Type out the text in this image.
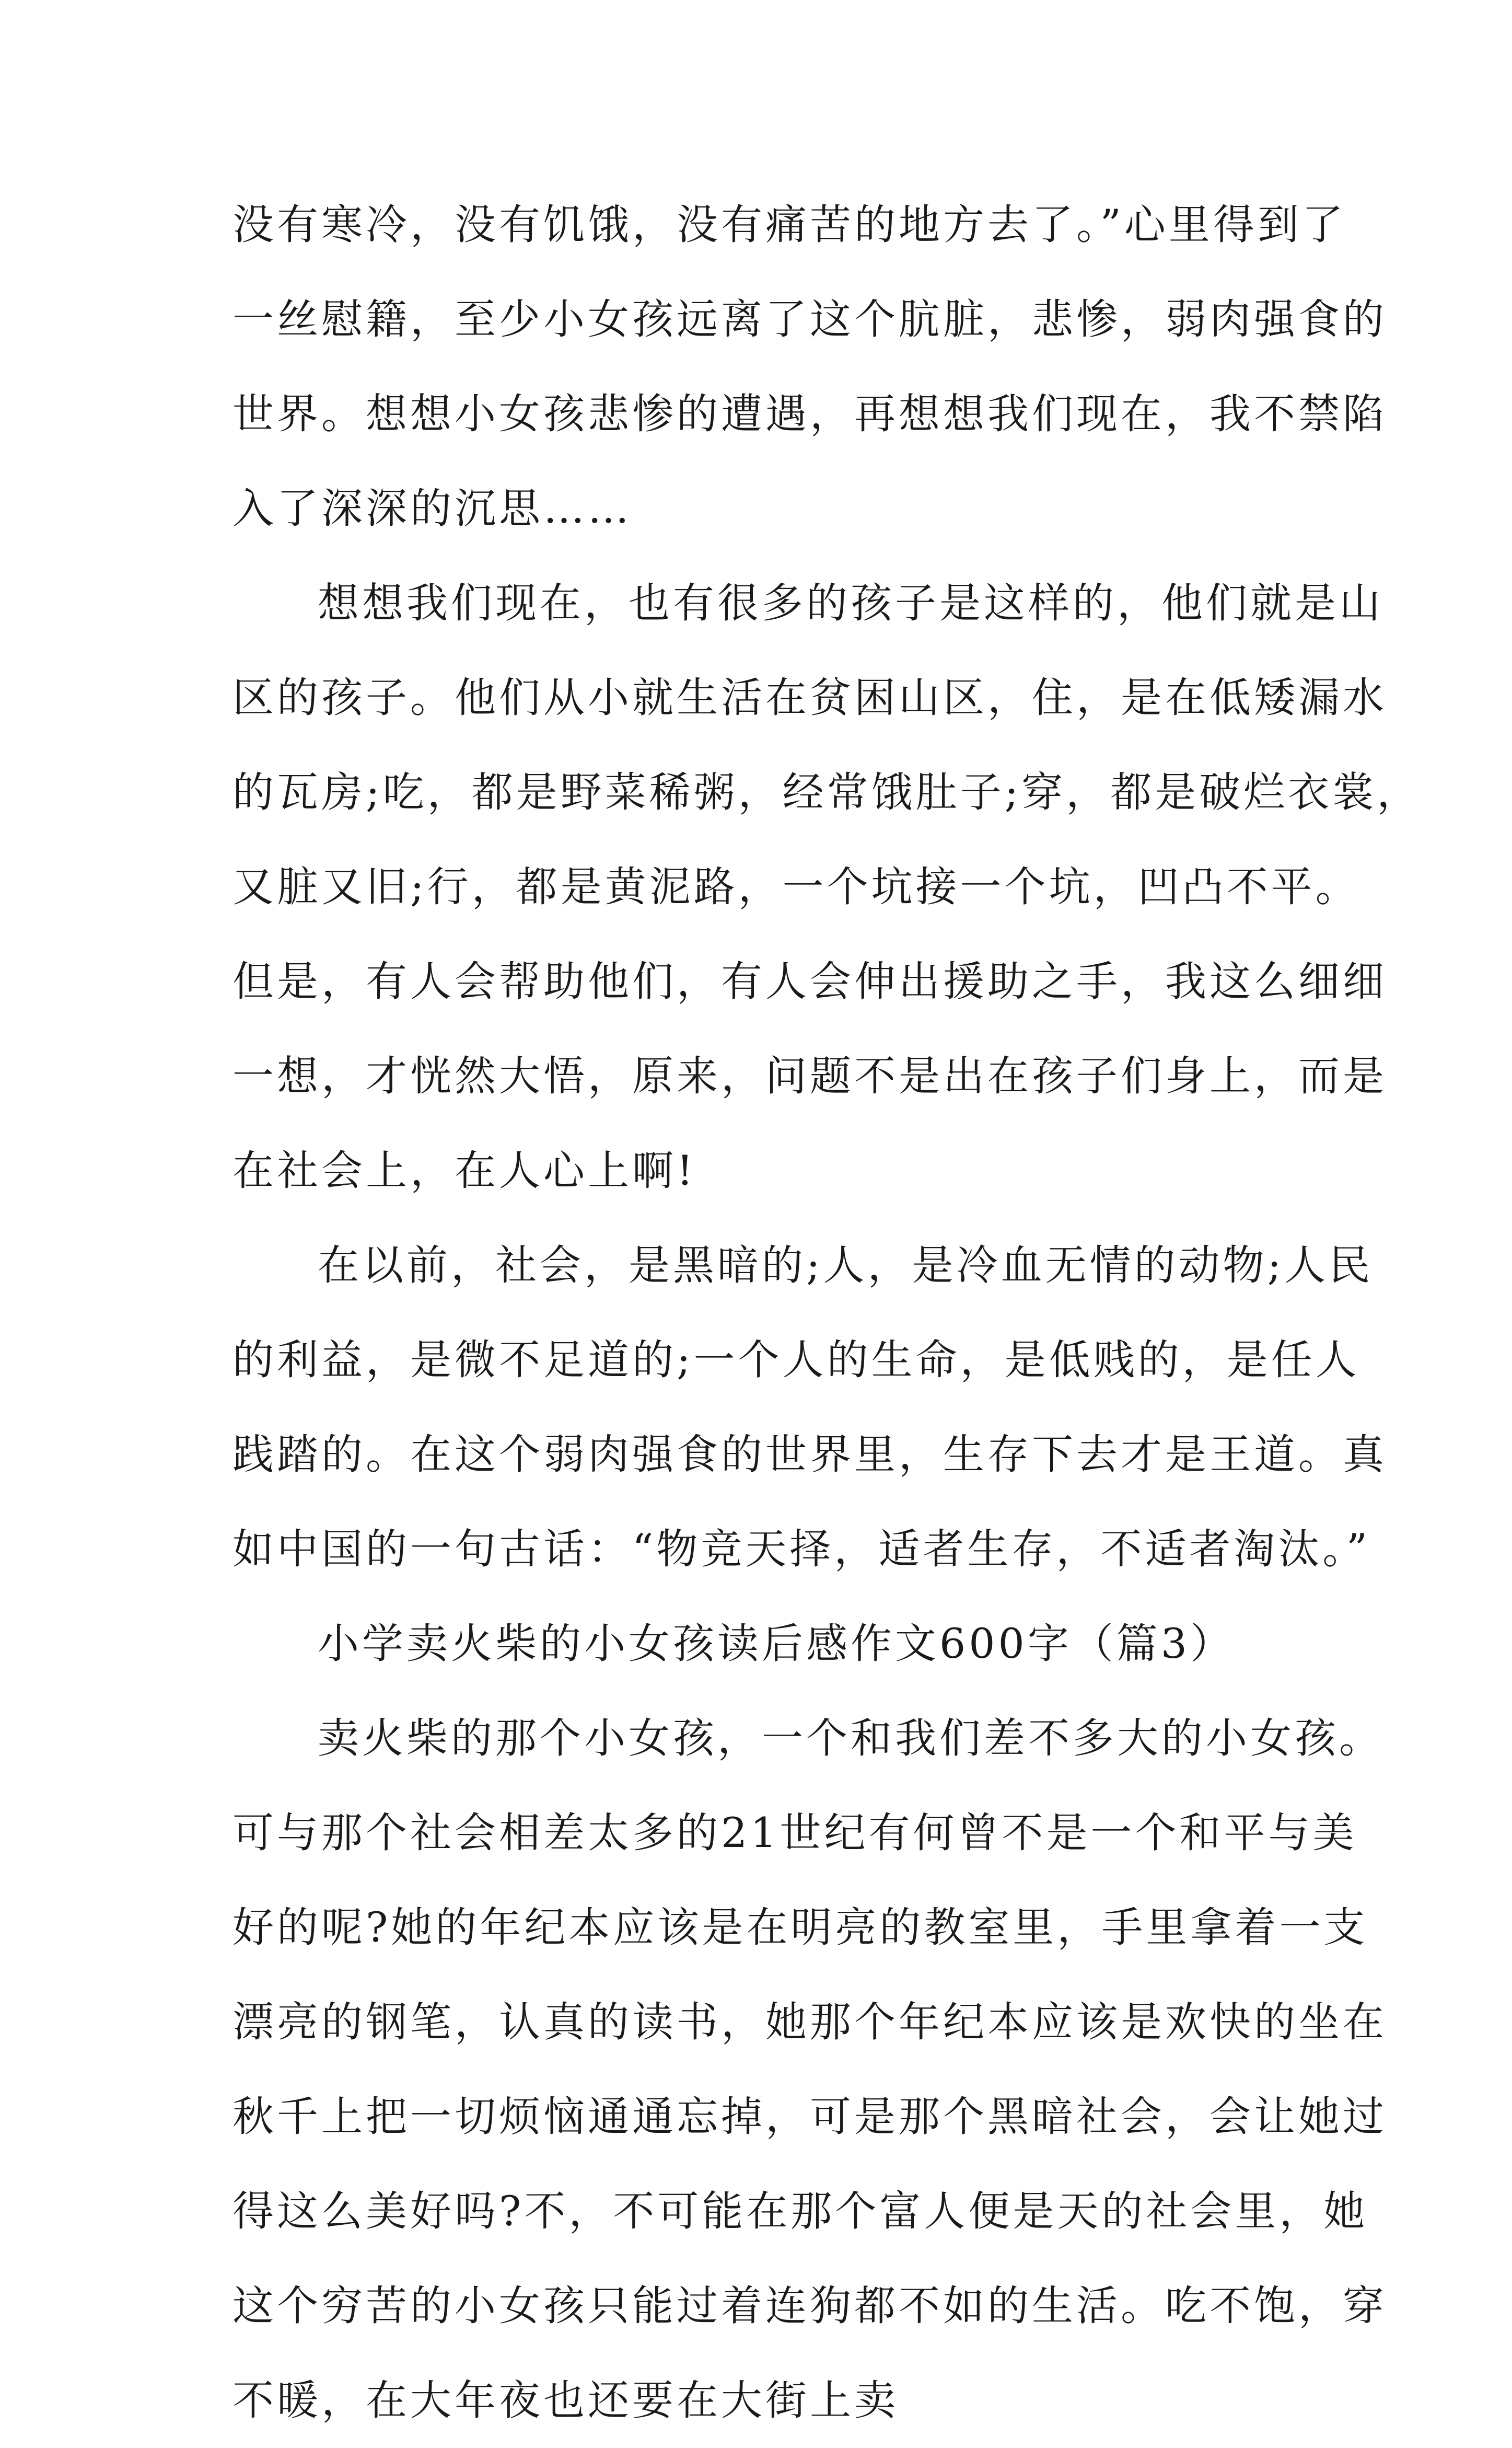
没有寒冷，没有饥饿，没有痛苦的地方去了。”心里得到了
一丝慰籍，至少小女孩远离了这个肮脏，悲惨，弱肉强食的
世界。想想小女孩悲惨的遭遇，再想想我们现在，我不禁陷
入了深深的沉思……
想想我们现在，也有很多的孩子是这样的，他们就是山
区的孩子。他们从小就生活在贫困山区，住，是在低矮漏水
的瓦房;吃，都是野菜稀粥，经常饿肚子;穿，都是破烂衣裳，
又脏又旧;行，都是黄泥路，一个坑接一个坑，凹凸不平。
但是，有人会帮助他们，有人会伸出援助之手，我这么细细
一想，才恍然大悟，原来，问题不是出在孩子们身上，而是
在社会上，在人心上啊!
在以前，社会，是黑暗的;人，是冷血无情的动物;人民
的利益，是微不足道的;一个人的生命，是低贱的，是任人
践踏的。在这个弱肉强食的世界里，生存下去才是王道。真
如中国的一句古话：“物竞天择，适者生存，不适者淘汰。”
小学卖火柴的小女孩读后感作文600字（篇3）
卖火柴的那个小女孩，一个和我们差不多大的小女孩。
可与那个社会相差太多的21世纪有何曾不是一个和平与美
好的呢?她的年纪本应该是在明亮的教室里，手里拿着一支
漂亮的钢笔，认真的读书，她那个年纪本应该是欢快的坐在
秋千上把一切烦恼通通忘掉，可是那个黑暗社会，会让她过
得这么美好吗?不，不可能在那个富人便是天的社会里，她
这个穷苦的小女孩只能过着连狗都不如的生活。吃不饱，穿
不暖，在大年夜也还要在大街上卖
